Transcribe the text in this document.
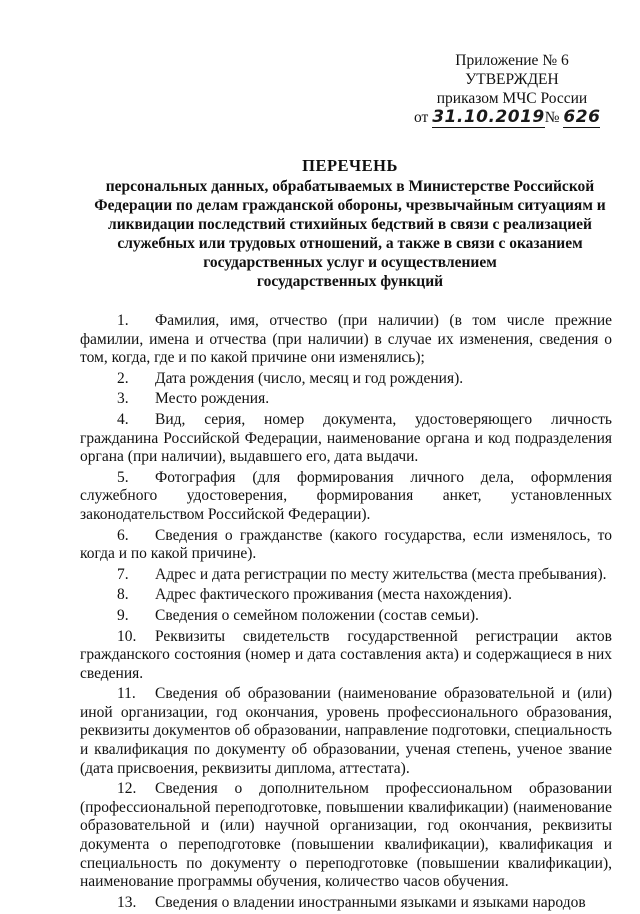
Приложение № 6
УТВЕРЖДЕН
приказом МЧС России
от 31.10.2019№ 626
ПЕРЕЧЕНЬ
персональных данных, обрабатываемых в Министерстве Российской
Федерации по делам гражданской обороны, чрезвычайным ситуациям и
ликвидации последствий стихийных бедствий в связи с реализацией
служебных или трудовых отношений, а также в связи с оказанием
государственных услуг и осуществлением
государственных функций

1. Фамилия, имя, отчество (при наличии) (в том числе прежние фамилии, имена и отчества (при наличии) в случае их изменения, сведения о том, когда, где и по какой причине они изменялись);

2. Дата рождения (число, месяц и год рождения).

3. Место рождения.

4. Вид, серия, номер документа, удостоверяющего личность гражданина Российской Федерации, наименование органа и код подразделения органа (при наличии), выдавшего его, дата выдачи.

5. Фотография (для формирования личного дела, оформления служебного удостоверения, формирования анкет, установленных законодательством Российской Федерации).

6. Сведения о гражданстве (какого государства, если изменялось, то когда и по какой причине).

7. Адрес и дата регистрации по месту жительства (места пребывания).

8. Адрес фактического проживания (места нахождения).

9. Сведения о семейном положении (состав семьи).

10. Реквизиты свидетельств государственной регистрации актов гражданского состояния (номер и дата составления акта) и содержащиеся в них сведения.

11. Сведения об образовании (наименование образовательной и (или) иной организации, год окончания, уровень профессионального образования, реквизиты документов об образовании, направление подготовки, специальность и квалификация по документу об образовании, ученая степень, ученое звание (дата присвоения, реквизиты диплома, аттестата).

12. Сведения о дополнительном профессиональном образовании (профессиональной переподготовке, повышении квалификации) (наименование образовательной и (или) научной организации, год окончания, реквизиты документа о переподготовке (повышении квалификации), квалификация и специальность по документу о переподготовке (повышении квалификации), наименование программы обучения, количество часов обучения.

13. Сведения о владении иностранными языками и языками народов
